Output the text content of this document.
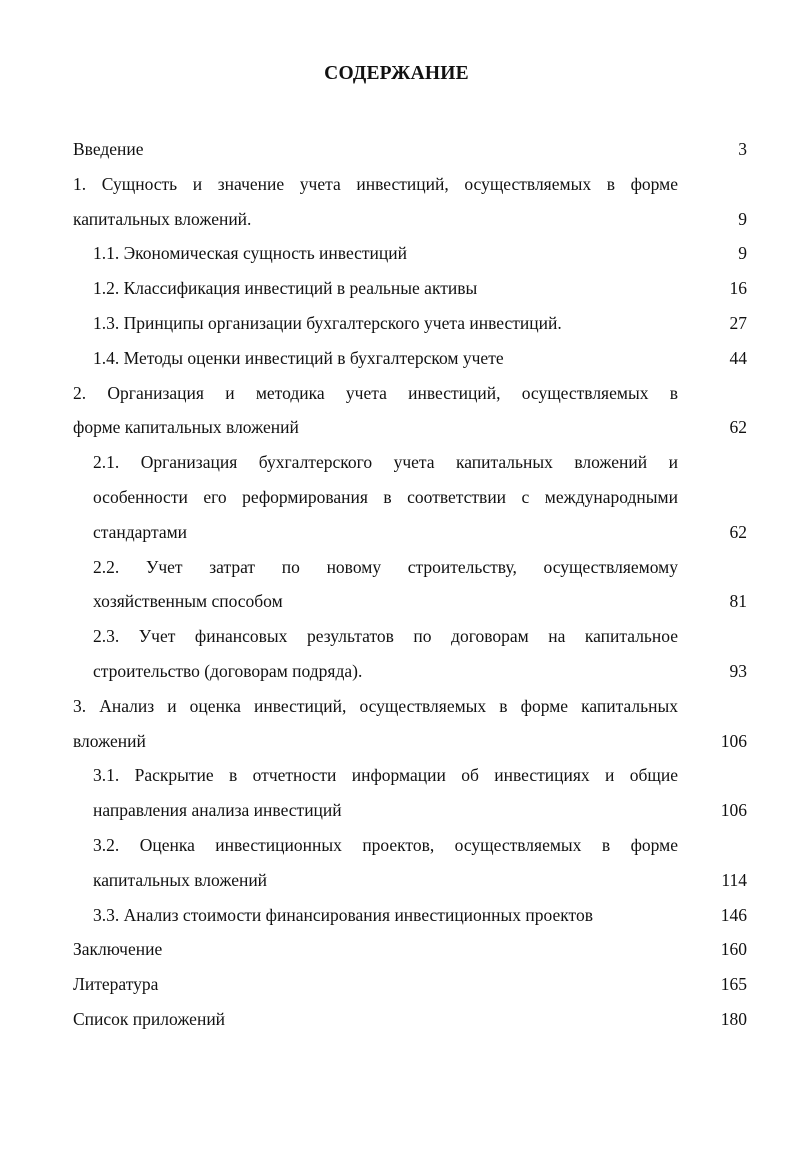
СОДЕРЖАНИЕ
Введение	3
1. Сущность и значение учета инвестиций, осуществляемых в форме
капитальных вложений.	9
1.1. Экономическая сущность инвестиций	9
1.2. Классификация инвестиций в реальные активы	16
1.3. Принципы организации бухгалтерского учета инвестиций.	27
1.4. Методы оценки инвестиций в бухгалтерском учете	44
2. Организация и методика учета инвестиций, осуществляемых в
форме капитальных вложений	62
2.1. Организация бухгалтерского учета капитальных вложений и
особенности его реформирования в соответствии с международными
стандартами	62
2.2. Учет затрат по новому строительству, осуществляемому
хозяйственным способом	81
2.3. Учет финансовых результатов по договорам на капитальное
строительство (договорам подряда).	93
3. Анализ и оценка инвестиций, осуществляемых в форме капитальных
вложений	106
3.1. Раскрытие в отчетности информации об инвестициях и общие
направления анализа инвестиций	106
3.2. Оценка инвестиционных проектов, осуществляемых в форме
капитальных вложений	114
3.3. Анализ стоимости финансирования инвестиционных проектов	146
Заключение	160
Литература	165
Список приложений	180
